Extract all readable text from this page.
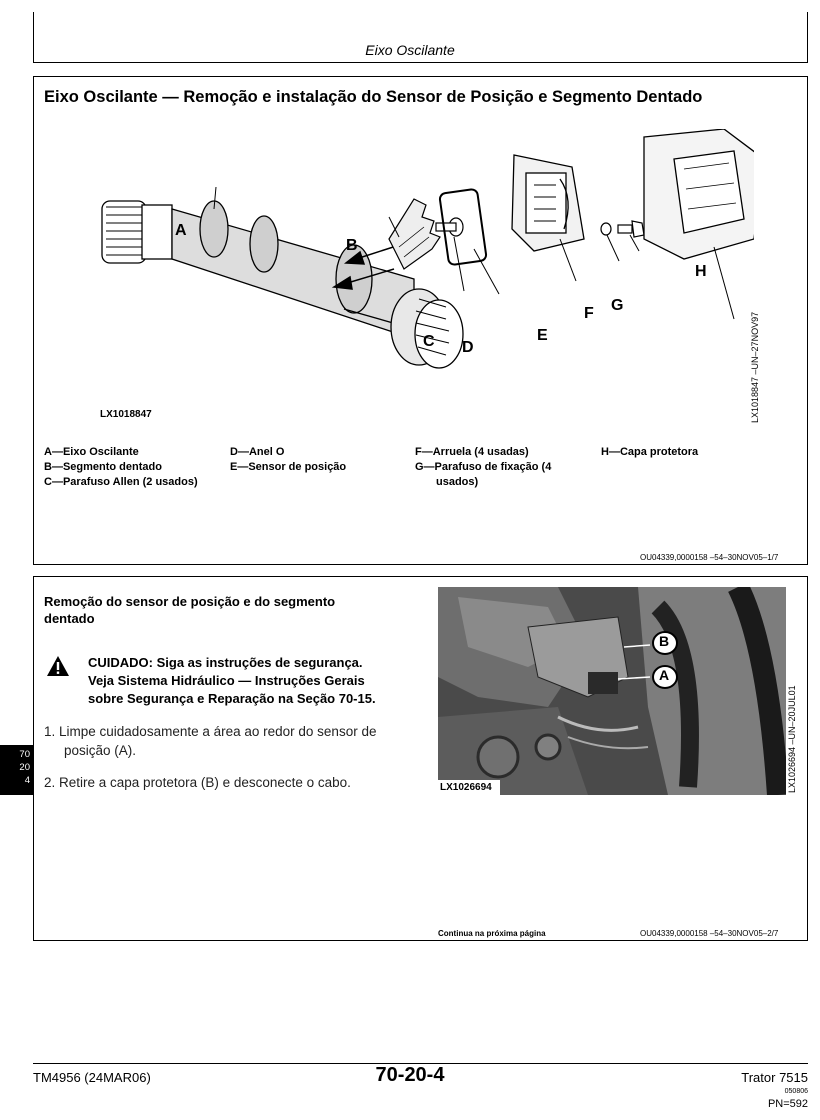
Eixo Oscilante
Eixo Oscilante — Remoção e instalação do Sensor de Posição e Segmento Dentado
A
B
C D
E
F G
H
LX1018847	LX1018847 –UN–27NOV97
A—Eixo Oscilante
B—Segmento dentado
C—Parafuso Allen (2 usados)
D—Anel O
E—Sensor de posição
F—Arruela (4 usadas)
G—Parafuso de fixação (4
usados)
H—Capa protetora
OU04339,0000158 –54–30NOV05–1/7
Remoção do sensor de posição e do segmento
dentado
CUIDADO: Siga as instruções de segurança.
Veja Sistema Hidráulico — Instruções Gerais
sobre Segurança e Reparação na Seção 70-15.
1. Limpe cuidadosamente a área ao redor do sensor de
posição (A).
2. Retire a capa protetora (B) e desconecte o cabo.
B
A
LX1026694	LX1026694 –UN–20JUL01
Continua na próxima página	OU04339,0000158 –54–30NOV05–2/7
70
20
4
TM4956 (24MAR06)	70-20-4	Trator 7515
050806
PN=592
